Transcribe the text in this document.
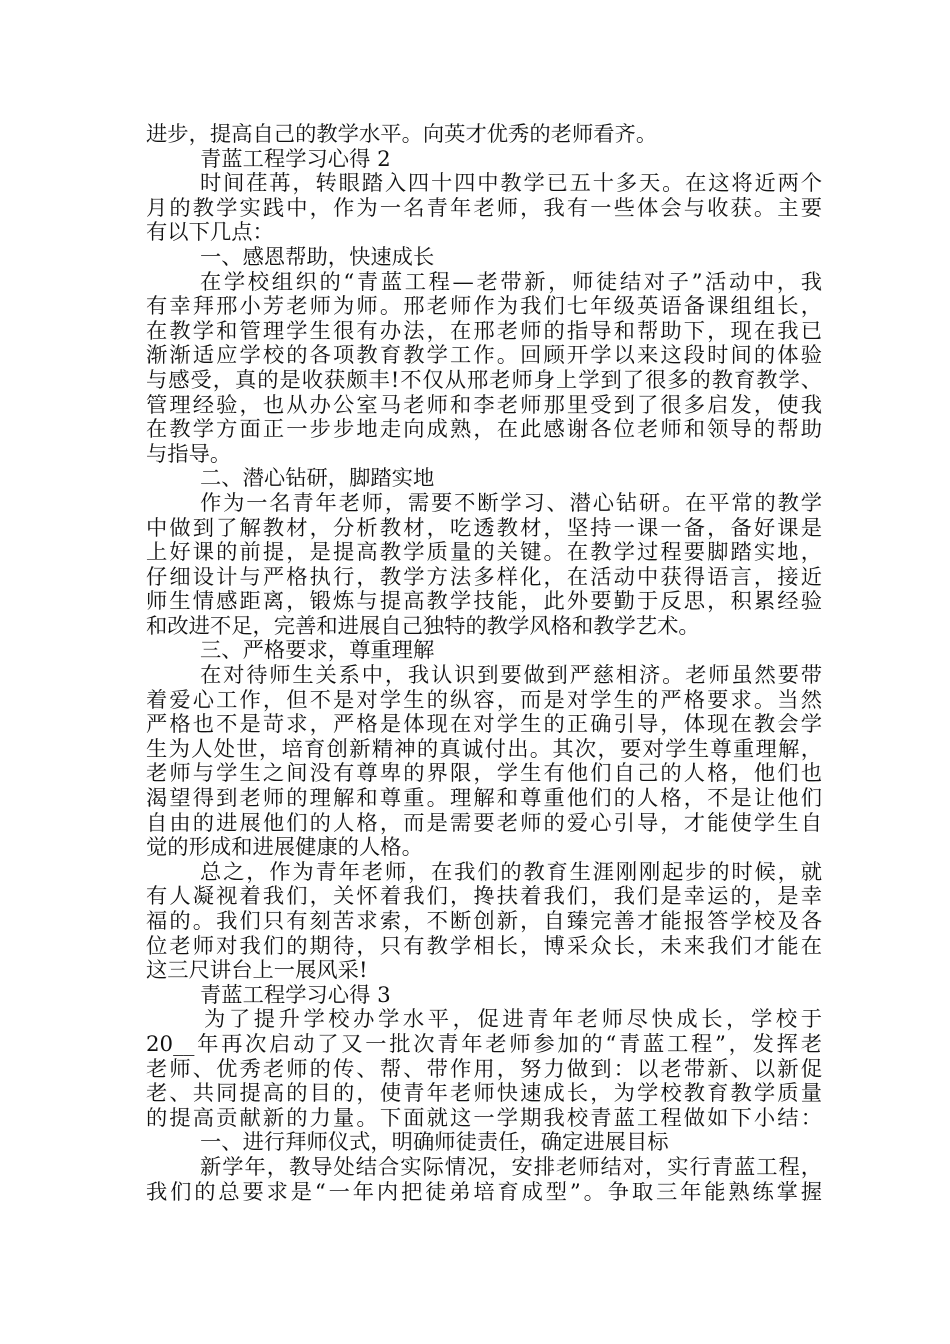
进步，提高自己的教学水平。向英才优秀的老师看齐。
青蓝工程学习心得 2
时间荏苒，转眼踏入四十四中教学已五十多天。在这将近两个
月的教学实践中，作为一名青年老师，我有一些体会与收获。主要
有以下几点：
一、感恩帮助，快速成长
在学校组织的“青蓝工程—老带新，师徒结对子”活动中，我
有幸拜邢小芳老师为师。邢老师作为我们七年级英语备课组组长，
在教学和管理学生很有办法，在邢老师的指导和帮助下，现在我已
渐渐适应学校的各项教育教学工作。回顾开学以来这段时间的体验
与感受，真的是收获颇丰!不仅从邢老师身上学到了很多的教育教学、
管理经验，也从办公室马老师和李老师那里受到了很多启发，使我
在教学方面正一步步地走向成熟，在此感谢各位老师和领导的帮助
与指导。
二、潜心钻研，脚踏实地
作为一名青年老师，需要不断学习、潜心钻研。在平常的教学
中做到了解教材，分析教材，吃透教材，坚持一课一备，备好课是
上好课的前提，是提高教学质量的关键。在教学过程要脚踏实地，
仔细设计与严格执行，教学方法多样化，在活动中获得语言，接近
师生情感距离，锻炼与提高教学技能，此外要勤于反思，积累经验
和改进不足，完善和进展自己独特的教学风格和教学艺术。
三、严格要求，尊重理解
在对待师生关系中，我认识到要做到严慈相济。老师虽然要带
着爱心工作，但不是对学生的纵容，而是对学生的严格要求。当然
严格也不是苛求，严格是体现在对学生的正确引导，体现在教会学
生为人处世，培育创新精神的真诚付出。其次，要对学生尊重理解，
老师与学生之间没有尊卑的界限，学生有他们自己的人格，他们也
渴望得到老师的理解和尊重。理解和尊重他们的人格，不是让他们
自由的进展他们的人格，而是需要老师的爱心引导，才能使学生自
觉的形成和进展健康的人格。
总之，作为青年老师，在我们的教育生涯刚刚起步的时候，就
有人凝视着我们，关怀着我们，搀扶着我们，我们是幸运的，是幸
福的。我们只有刻苦求索，不断创新，自臻完善才能报答学校及各
位老师对我们的期待，只有教学相长，博采众长，未来我们才能在
这三尺讲台上一展风采!
青蓝工程学习心得 3
为了提升学校办学水平，促进青年老师尽快成长，学校于
20__年再次启动了又一批次青年老师参加的“青蓝工程”，发挥老
老师、优秀老师的传、帮、带作用，努力做到：以老带新、以新促
老、共同提高的目的，使青年老师快速成长，为学校教育教学质量
的提高贡献新的力量。下面就这一学期我校青蓝工程做如下小结：
一、进行拜师仪式，明确师徒责任，确定进展目标
新学年，教导处结合实际情况，安排老师结对，实行青蓝工程，
我们的总要求是“一年内把徒弟培育成型”。争取三年能熟练掌握
